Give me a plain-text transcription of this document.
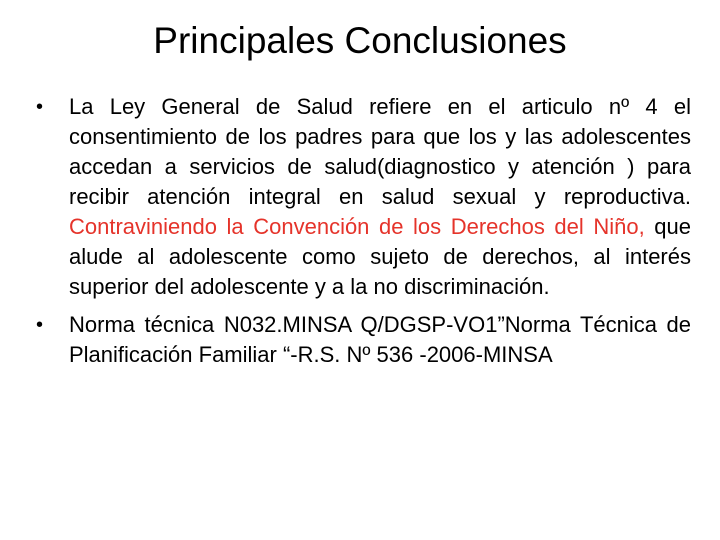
Principales Conclusiones
•	La Ley General de Salud refiere en el articulo nº 4 el consentimiento de los padres para que los y las adolescentes accedan a servicios de salud(diagnostico y atención ) para recibir atención integral en salud sexual y reproductiva. Contraviniendo la Convención de los Derechos del Niño, que alude al adolescente como sujeto de derechos, al interés superior del adolescente y a la no discriminación.
•	Norma técnica N032.MINSA Q/DGSP-VO1”Norma Técnica de Planificación Familiar “-R.S. Nº 536 -2006-MINSA
